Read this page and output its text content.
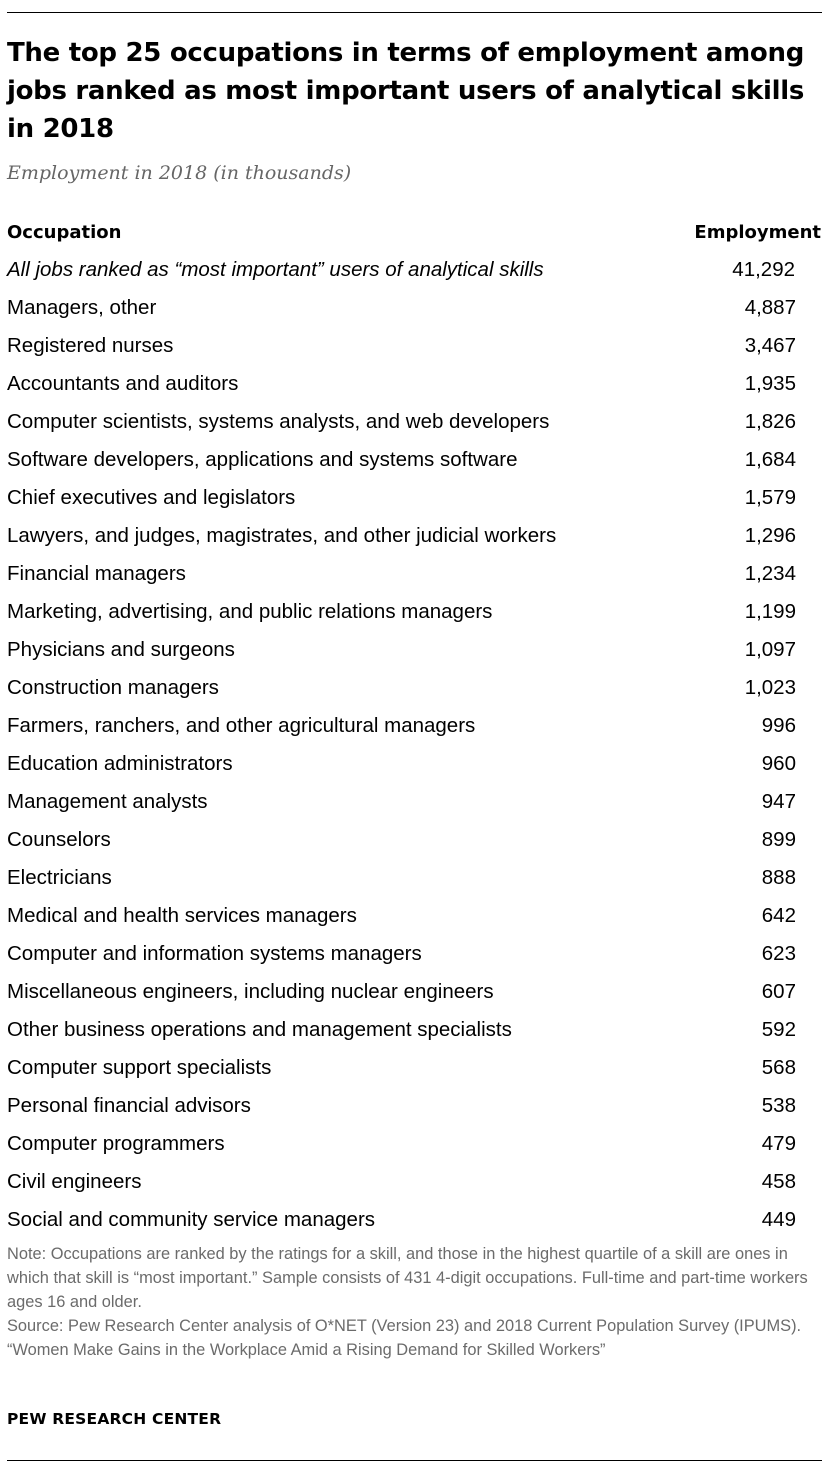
The top 25 occupations in terms of employment among jobs ranked as most important users of analytical skills in 2018
Employment in 2018 (in thousands)
Occupation	Employment
All jobs ranked as “most important” users of analytical skills	41,292
Managers, other	4,887
Registered nurses	3,467
Accountants and auditors	1,935
Computer scientists, systems analysts, and web developers	1,826
Software developers, applications and systems software	1,684
Chief executives and legislators	1,579
Lawyers, and judges, magistrates, and other judicial workers	1,296
Financial managers	1,234
Marketing, advertising, and public relations managers	1,199
Physicians and surgeons	1,097
Construction managers	1,023
Farmers, ranchers, and other agricultural managers	996
Education administrators	960
Management analysts	947
Counselors	899
Electricians	888
Medical and health services managers	642
Computer and information systems managers	623
Miscellaneous engineers, including nuclear engineers	607
Other business operations and management specialists	592
Computer support specialists	568
Personal financial advisors	538
Computer programmers	479
Civil engineers	458
Social and community service managers	449
Note: Occupations are ranked by the ratings for a skill, and those in the highest quartile of a skill are ones in which that skill is “most important.” Sample consists of 431 4-digit occupations. Full-time and part-time workers ages 16 and older.
Source: Pew Research Center analysis of O*NET (Version 23) and 2018 Current Population Survey (IPUMS).
“Women Make Gains in the Workplace Amid a Rising Demand for Skilled Workers”
PEW RESEARCH CENTER
